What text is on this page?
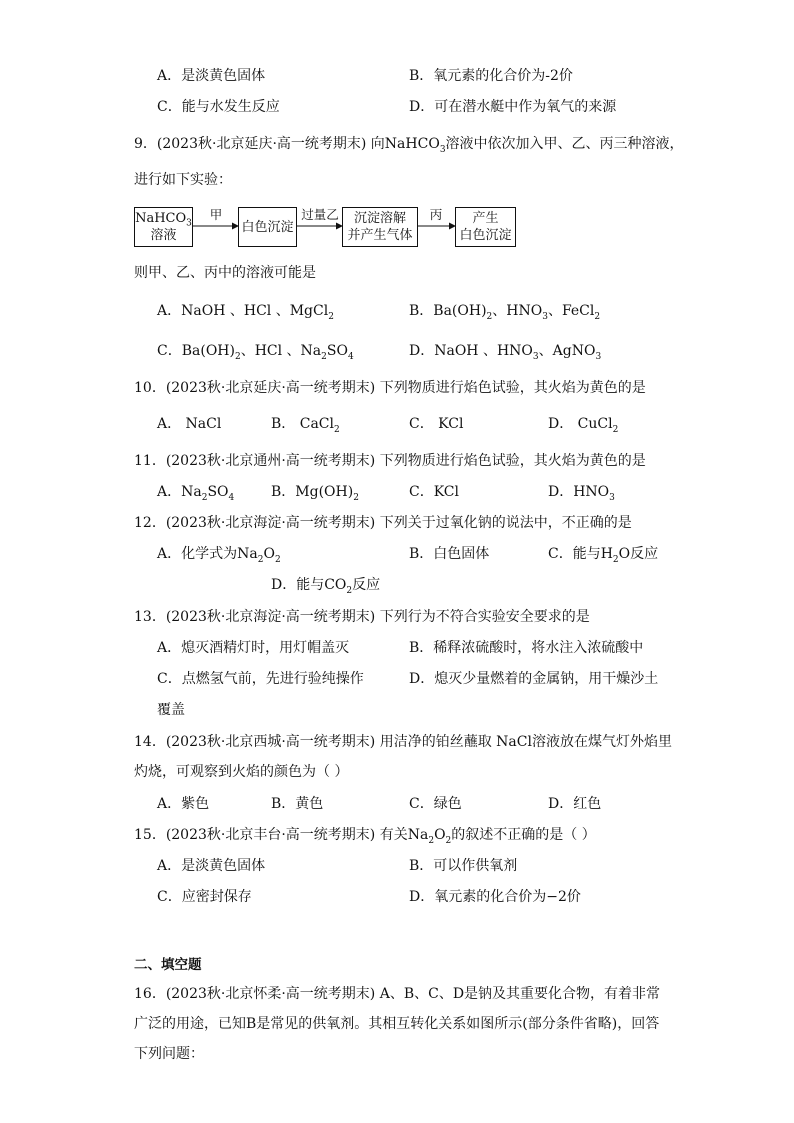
A．是淡黄色固体	B．氧元素的化合价为-2价
C．能与水发生反应	D．可在潜水艇中作为氧气的来源
9．(2023秋·北京延庆·高一统考期末) 向NaHCO$_3$溶液中依次加入甲、乙、丙三种溶液，
进行如下实验：
NaHCO$_3$
溶液
甲
白色沉淀
过量乙	沉淀溶解
并产生气体
丙	产生
白色沉淀
则甲、乙、丙中的溶液可能是
A．NaOH 、HCl 、MgCl$_2$	B．$Ba(OH)_2$、$HNO_3$、FeCl$_2$
C．$Ba(OH)_2$、HCl 、$Na_2SO_4$	D．NaOH 、$HNO_3$、AgNO$_3$
10．(2023秋·北京延庆·高一统考期末) 下列物质进行焰色试验，其火焰为黄色的是
A． NaCl	B． CaCl$_2$	C． KCl	D． CuCl$_2$
11．(2023秋·北京通州·高一统考期末) 下列物质进行焰色试验，其火焰为黄色的是
A．$Na_2SO_4$	B．$Mg(OH)_2$	C．KCl	D．$HNO_3$
12．(2023秋·北京海淀·高一统考期末) 下列关于过氧化钠的说法中，不正确的是
A．化学式为$Na_2O_2$	B．白色固体	C．能与$H_2O$反应
D．能与$CO_2$反应
13．(2023秋·北京海淀·高一统考期末) 下列行为不符合实验安全要求的是
A．熄灭酒精灯时，用灯帽盖灭	B．稀释浓硫酸时，将水注入浓硫酸中
C．点燃氢气前，先进行验纯操作	D．熄灭少量燃着的金属钠，用干燥沙土
覆盖
14．(2023秋·北京西城·高一统考期末) 用洁净的铂丝蘸取 NaCl溶液放在煤气灯外焰里
灼烧，可观察到火焰的颜色为（ ）
A．紫色	B．黄色	C．绿色	D．红色
15．(2023秋·北京丰台·高一统考期末) 有关$Na_2O_2$的叙述不正确的是（ ）
A．是淡黄色固体	B．可以作供氧剂
C．应密封保存	D．氧元素的化合价为−2价
二、填空题
16．(2023秋·北京怀柔·高一统考期末) A、B、C、D是钠及其重要化合物，有着非常
广泛的用途，已知B是常见的供氧剂。其相互转化关系如图所示(部分条件省略)，回答
下列问题：
